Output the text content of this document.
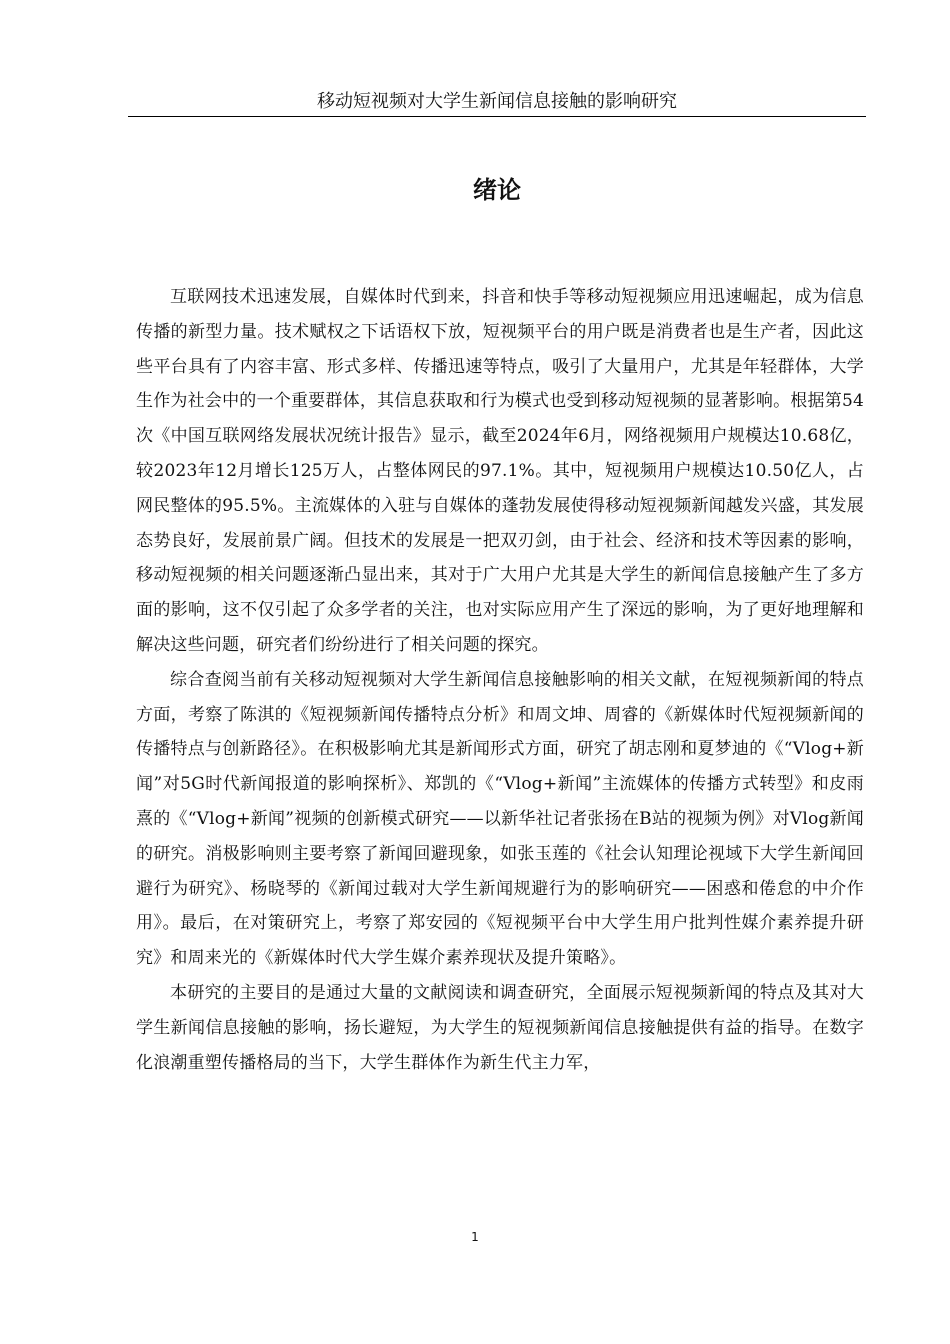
移动短视频对大学生新闻信息接触的影响研究
绪论

互联网技术迅速发展，自媒体时代到来，抖音和快手等移动短视频应用迅速崛起，成为信息传播的新型力量。技术赋权之下话语权下放，短视频平台的用户既是消费者也是生产者，因此这些平台具有了内容丰富、形式多样、传播迅速等特点，吸引了大量用户，尤其是年轻群体，大学生作为社会中的一个重要群体，其信息获取和行为模式也受到移动短视频的显著影响。根据第54次《中国互联网络发展状况统计报告》显示，截至2024年6月，网络视频用户规模达10.68亿，较2023年12月增长125万人，占整体网民的97.1%。其中，短视频用户规模达10.50亿人，占网民整体的95.5%。主流媒体的入驻与自媒体的蓬勃发展使得移动短视频新闻越发兴盛，其发展态势良好，发展前景广阔。但技术的发展是一把双刃剑，由于社会、经济和技术等因素的影响，移动短视频的相关问题逐渐凸显出来，其对于广大用户尤其是大学生的新闻信息接触产生了多方面的影响，这不仅引起了众多学者的关注，也对实际应用产生了深远的影响，为了更好地理解和解决这些问题，研究者们纷纷进行了相关问题的探究。

综合查阅当前有关移动短视频对大学生新闻信息接触影响的相关文献，在短视频新闻的特点方面，考察了陈淇的《短视频新闻传播特点分析》和周文坤、周睿的《新媒体时代短视频新闻的传播特点与创新路径》。在积极影响尤其是新闻形式方面，研究了胡志刚和夏梦迪的《“Vlog+新闻”对5G时代新闻报道的影响探析》、郑凯的《“Vlog+新闻”主流媒体的传播方式转型》和皮雨熹的《“Vlog+新闻”视频的创新模式研究——以新华社记者张扬在B站的视频为例》对Vlog新闻的研究。消极影响则主要考察了新闻回避现象，如张玉莲的《社会认知理论视域下大学生新闻回避行为研究》、杨晓琴的《新闻过载对大学生新闻规避行为的影响研究——困惑和倦怠的中介作用》。最后，在对策研究上，考察了郑安园的《短视频平台中大学生用户批判性媒介素养提升研究》和周来光的《新媒体时代大学生媒介素养现状及提升策略》。

本研究的主要目的是通过大量的文献阅读和调查研究，全面展示短视频新闻的特点及其对大学生新闻信息接触的影响，扬长避短，为大学生的短视频新闻信息接触提供有益的指导。在数字化浪潮重塑传播格局的当下，大学生群体作为新生代主力军，

1
